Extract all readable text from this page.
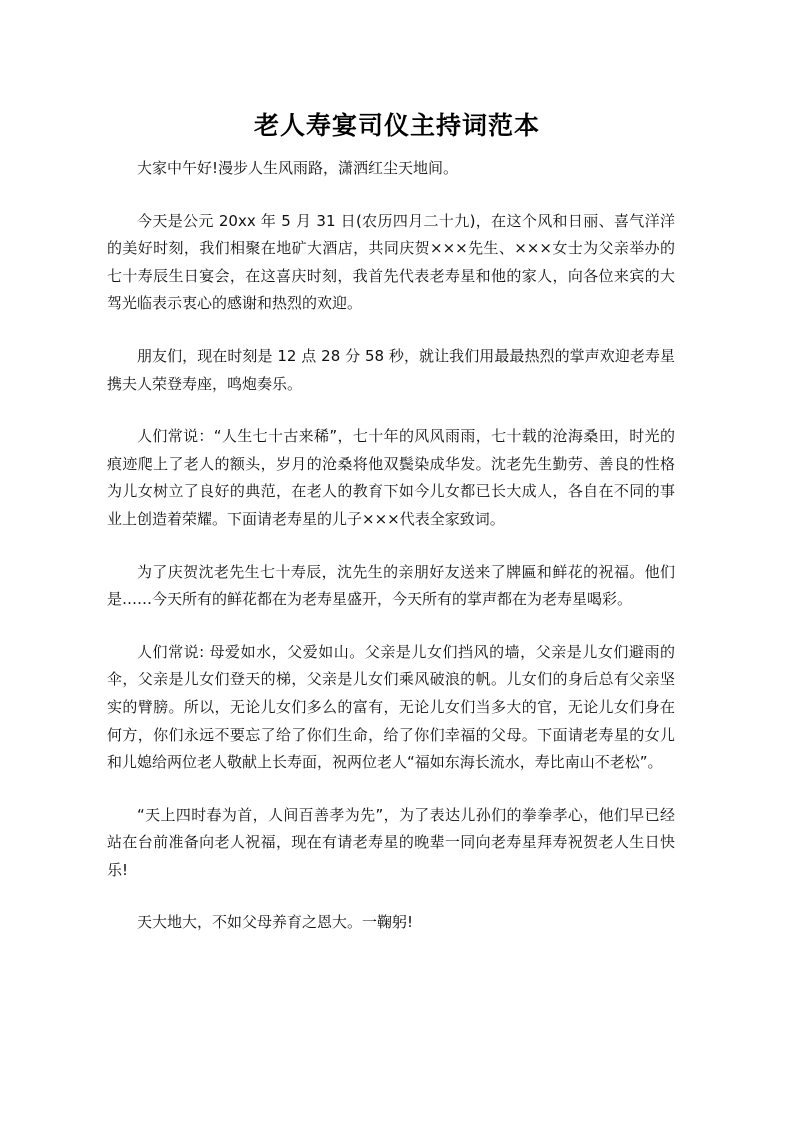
老人寿宴司仪主持词范本

大家中午好!漫步人生风雨路，潇洒红尘天地间。

今天是公元 20xx 年 5 月 31 日(农历四月二十九)，在这个风和日丽、喜气洋洋的美好时刻，我们相聚在地矿大酒店，共同庆贺×××先生、×××女士为父亲举办的七十寿辰生日宴会，在这喜庆时刻，我首先代表老寿星和他的家人，向各位来宾的大驾光临表示衷心的感谢和热烈的欢迎。

朋友们，现在时刻是 12 点 28 分 58 秒，就让我们用最最热烈的掌声欢迎老寿星携夫人荣登寿座，鸣炮奏乐。

人们常说：“人生七十古来稀”，七十年的风风雨雨，七十载的沧海桑田，时光的痕迹爬上了老人的额头，岁月的沧桑将他双鬓染成华发。沈老先生勤劳、善良的性格为儿女树立了良好的典范，在老人的教育下如今儿女都已长大成人，各自在不同的事业上创造着荣耀。下面请老寿星的儿子×××代表全家致词。

为了庆贺沈老先生七十寿辰，沈先生的亲朋好友送来了牌匾和鲜花的祝福。他们是……今天所有的鲜花都在为老寿星盛开，今天所有的掌声都在为老寿星喝彩。

人们常说: 母爱如水，父爱如山。父亲是儿女们挡风的墙，父亲是儿女们避雨的伞，父亲是儿女们登天的梯，父亲是儿女们乘风破浪的帆。儿女们的身后总有父亲坚实的臂膀。所以，无论儿女们多么的富有，无论儿女们当多大的官，无论儿女们身在何方，你们永远不要忘了给了你们生命，给了你们幸福的父母。下面请老寿星的女儿和儿媳给两位老人敬献上长寿面，祝两位老人“福如东海长流水，寿比南山不老松”。

“天上四时春为首，人间百善孝为先”，为了表达儿孙们的拳拳孝心，他们早已经站在台前准备向老人祝福，现在有请老寿星的晚辈一同向老寿星拜寿祝贺老人生日快乐!

天大地大，不如父母养育之恩大。一鞠躬!
